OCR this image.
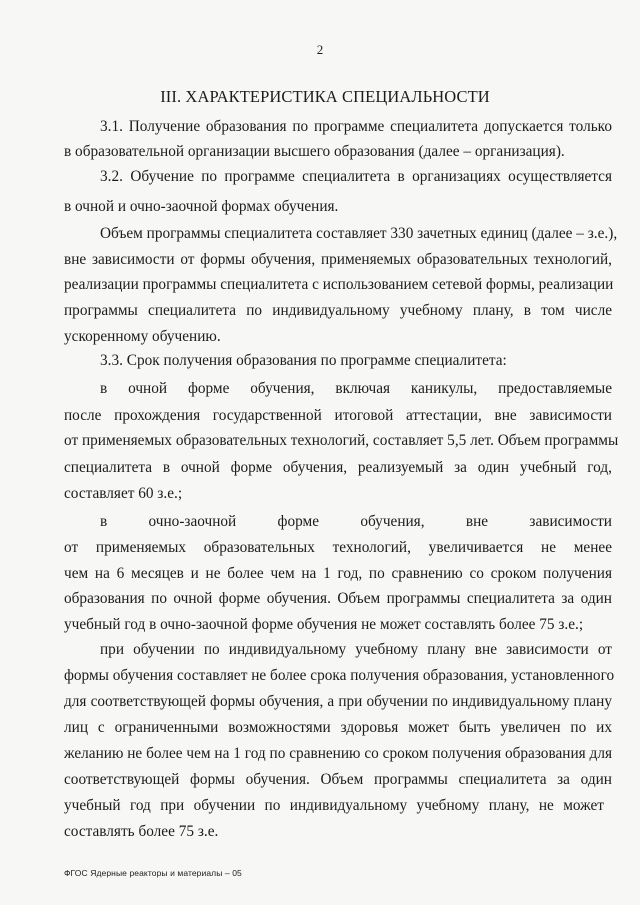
2
III. ХАРАКТЕРИСТИКА СПЕЦИАЛЬНОСТИ
3.1. Получение образования по программе специалитета допускается только
в образовательной организации высшего образования (далее – организация).
3.2. Обучение по программе специалитета в организациях осуществляется
в очной и очно-заочной формах обучения.
Объем программы специалитета составляет 330 зачетных единиц (далее – з.е.),
вне зависимости от формы обучения, применяемых образовательных технологий,
реализации программы специалитета с использованием сетевой формы, реализации
программы специалитета по индивидуальному учебному плану, в том числе
ускоренному обучению.
3.3. Срок получения образования по программе специалитета:
в очной форме обучения, включая каникулы, предоставляемые
после прохождения государственной итоговой аттестации, вне зависимости
от применяемых образовательных технологий, составляет 5,5 лет. Объем программы
специалитета в очной форме обучения, реализуемый за один учебный год,
составляет 60 з.е.;
в очно-заочной форме обучения, вне зависимости
от применяемых образовательных технологий, увеличивается не менее
чем на 6 месяцев и не более чем на 1 год, по сравнению со сроком получения
образования по очной форме обучения. Объем программы специалитета за один
учебный год в очно-заочной форме обучения не может составлять более 75 з.е.;
при обучении по индивидуальному учебному плану вне зависимости от
формы обучения составляет не более срока получения образования, установленного
для соответствующей формы обучения, а при обучении по индивидуальному плану
лиц с ограниченными возможностями здоровья может быть увеличен по их
желанию не более чем на 1 год по сравнению со сроком получения образования для
соответствующей формы обучения. Объем программы специалитета за один
учебный год при обучении по индивидуальному учебному плану, не может
составлять более 75 з.е.
ФГОС Ядерные реакторы и материалы – 05
